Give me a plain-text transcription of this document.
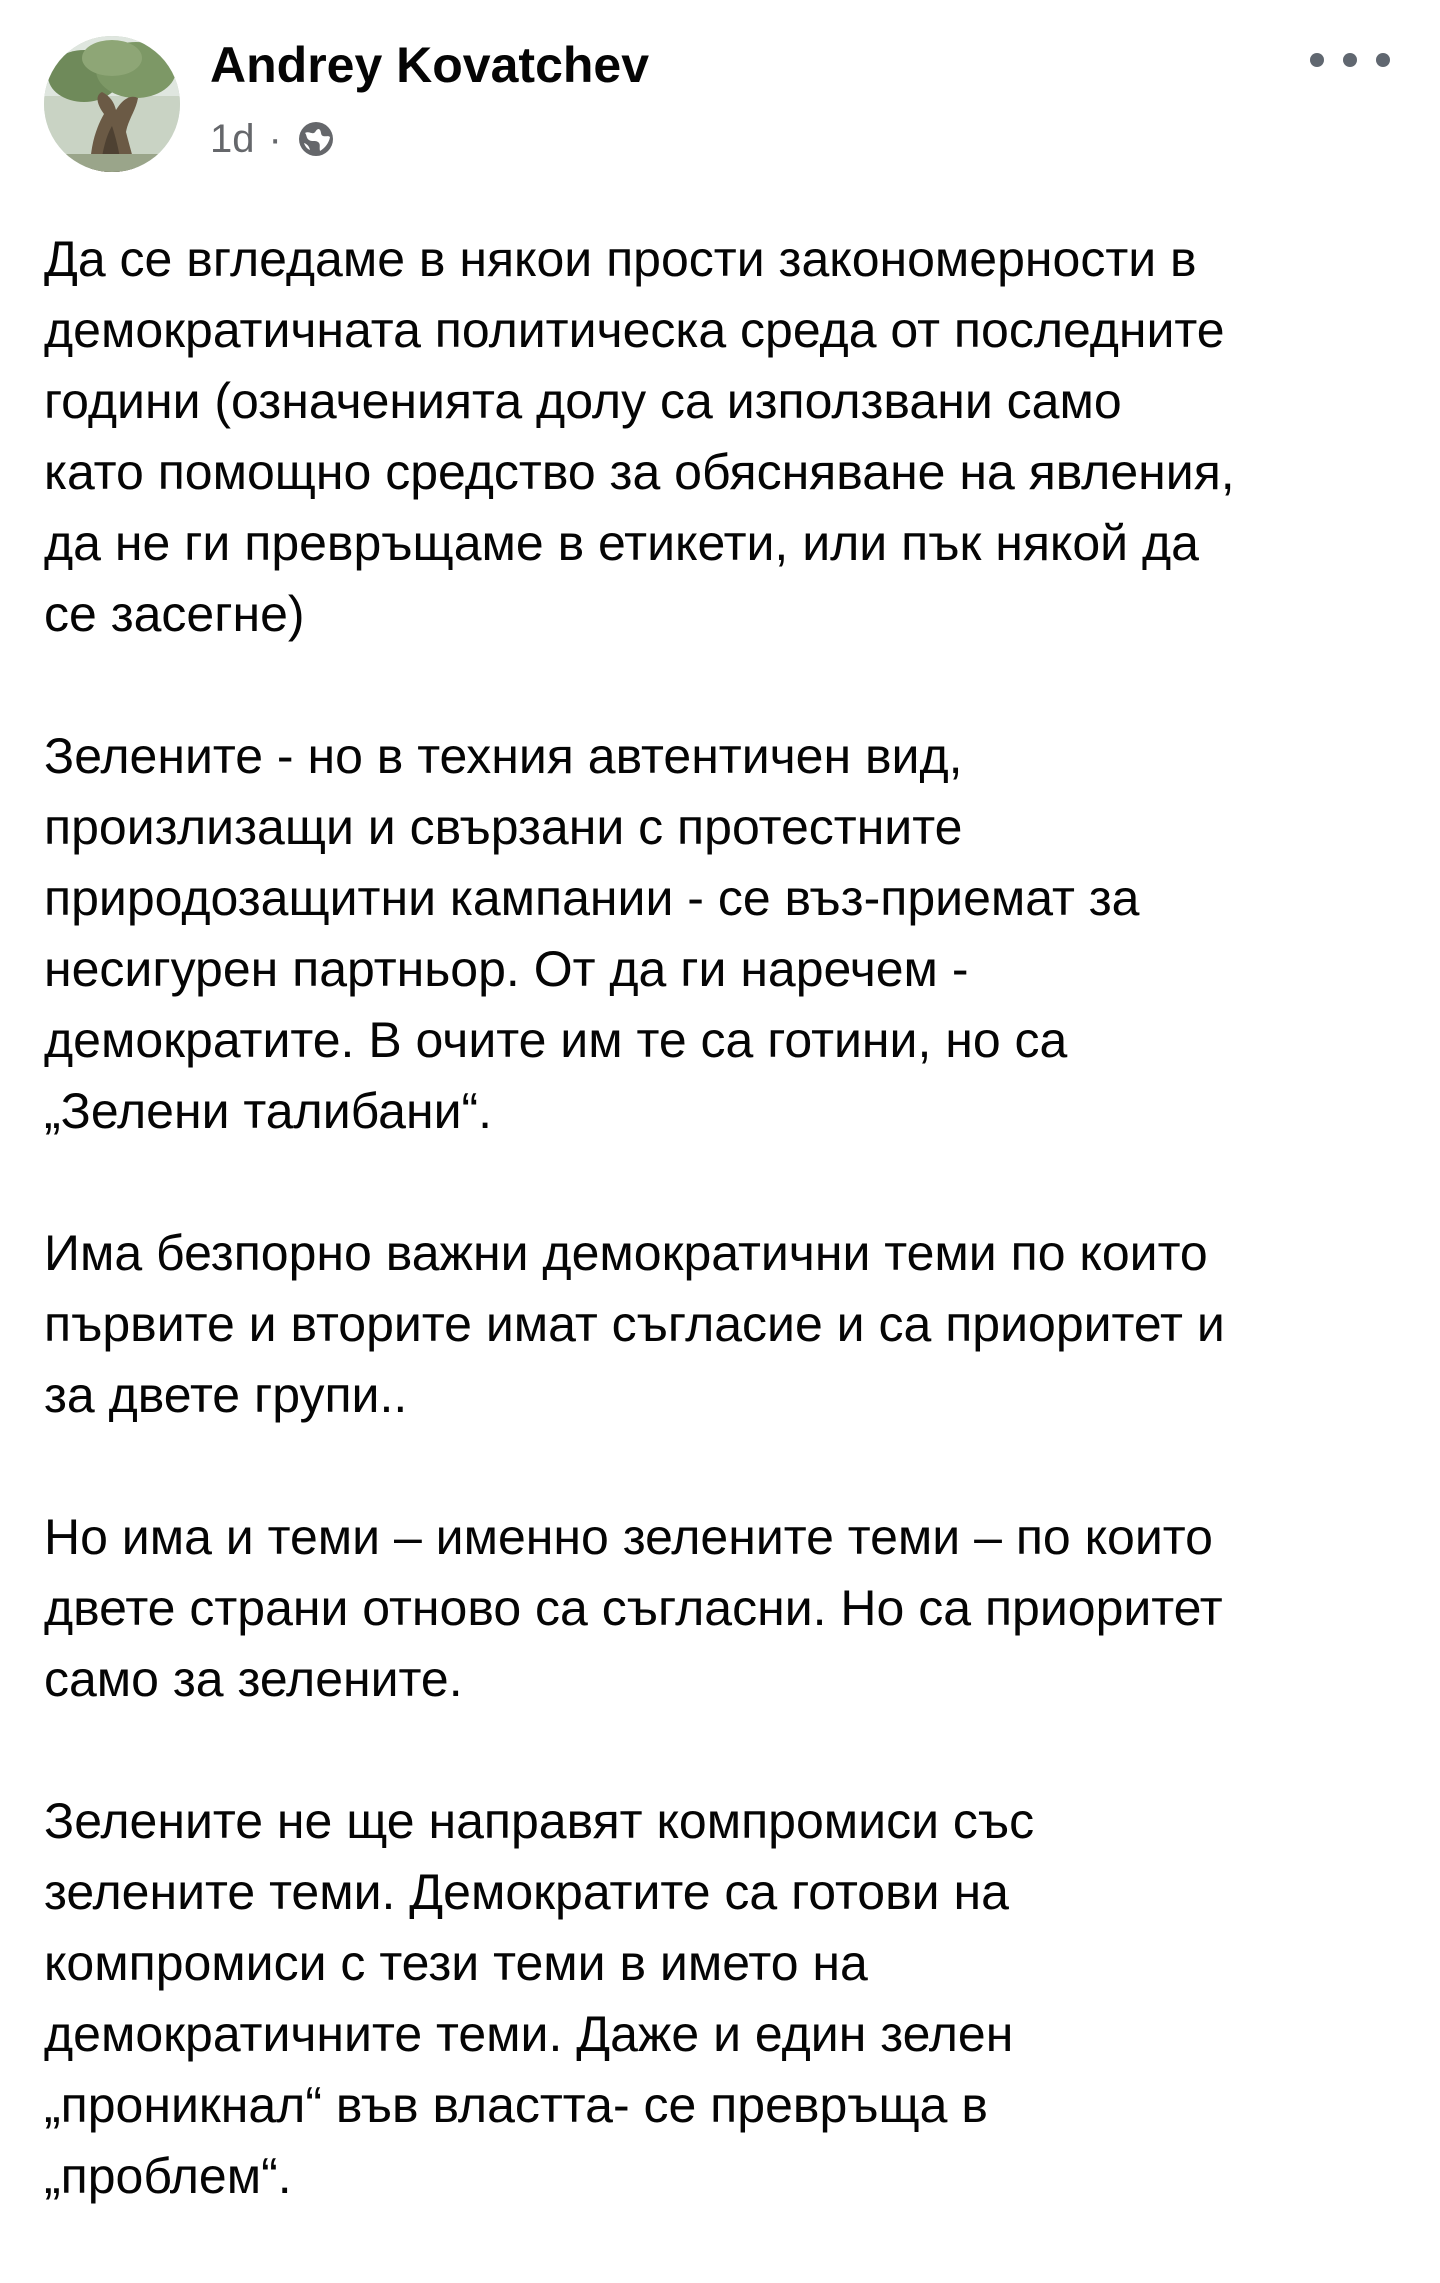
Andrey Kovatchev
1d ·

Да се вгледаме в някои прости закономерности в
демократичната политическа среда от последните
години (означенията долу са използвани само
като помощно средство за обясняване на явления,
да не ги превръщаме в етикети, или пък някой да
се засегне)

Зелените - но в техния автентичен вид,
произлизащи и свързани с протестните
природозащитни кампании - се въз-приемат за
несигурен партньор. От да ги наречем -
демократите. В очите им те са готини, но са
„Зелени талибани“.

Има безпорно важни демократични теми по които
първите и вторите имат съгласие и са приоритет и
за двете групи..

Но има и теми – именно зелените теми – по които
двете страни отново са съгласни. Но са приоритет
само за зелените.

Зелените не ще направят компромиси със
зелените теми. Демократите са готови на
компромиси с тези теми в името на
демократичните теми. Даже и един зелен
„проникнал“ във властта- се превръща в
„проблем“.
